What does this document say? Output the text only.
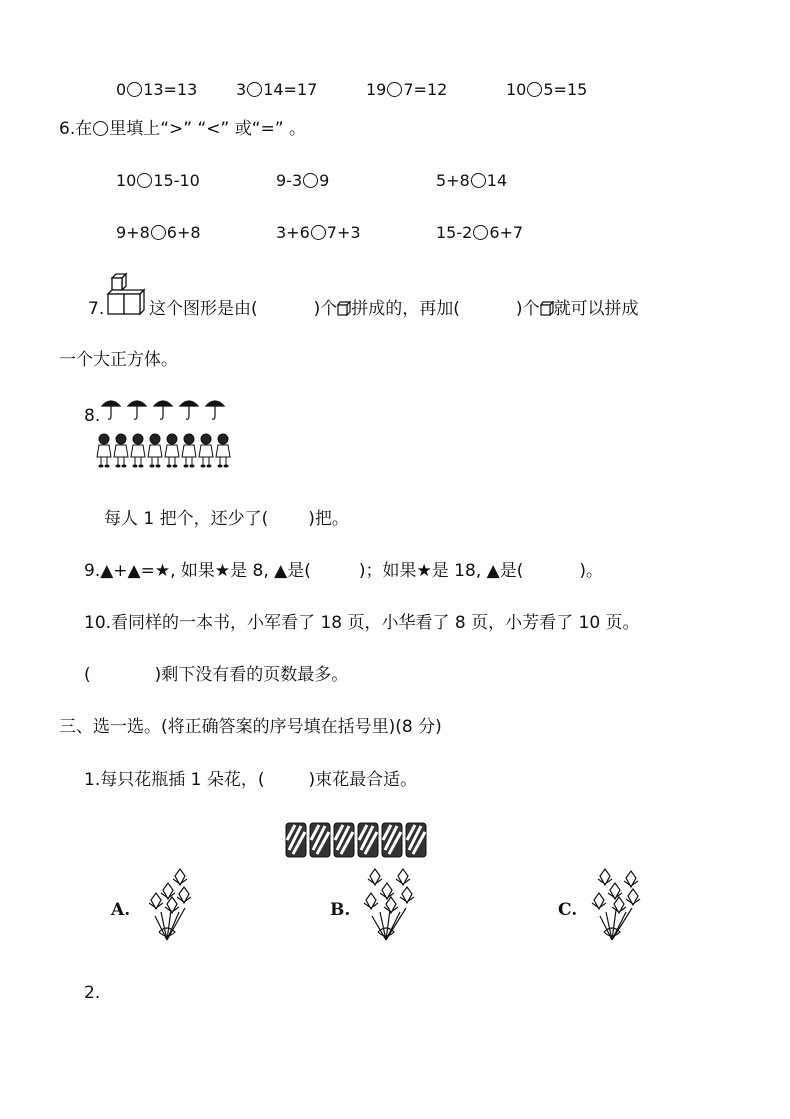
0 13=13 3 14=17	19 7=12	10 5=15
6.在 里填上“>” “<” 或“=” 。
10 15-10	9-3 9	5+8 14
9+8 6+8	3+6 7+3	15-2 6+7
7.	这个图形是由(	)个 拼成的，再加(	)个 就可以拼成
一个大正方体。
8.
每人 1 把个，还少了( )把。
9.▲+▲=★, 如果★是 8, ▲是(	)；如果★是 18, ▲是(	)。
10.看同样的一本书，小军看了 18 页，小华看了 8 页，小芳看了 10 页。
(	)剩下没有看的页数最多。
三、选一选。(将正确答案的序号填在括号里)(8 分)
1.每只花瓶插 1 朵花，(	)束花最合适。
A.	B.	C.
2.
